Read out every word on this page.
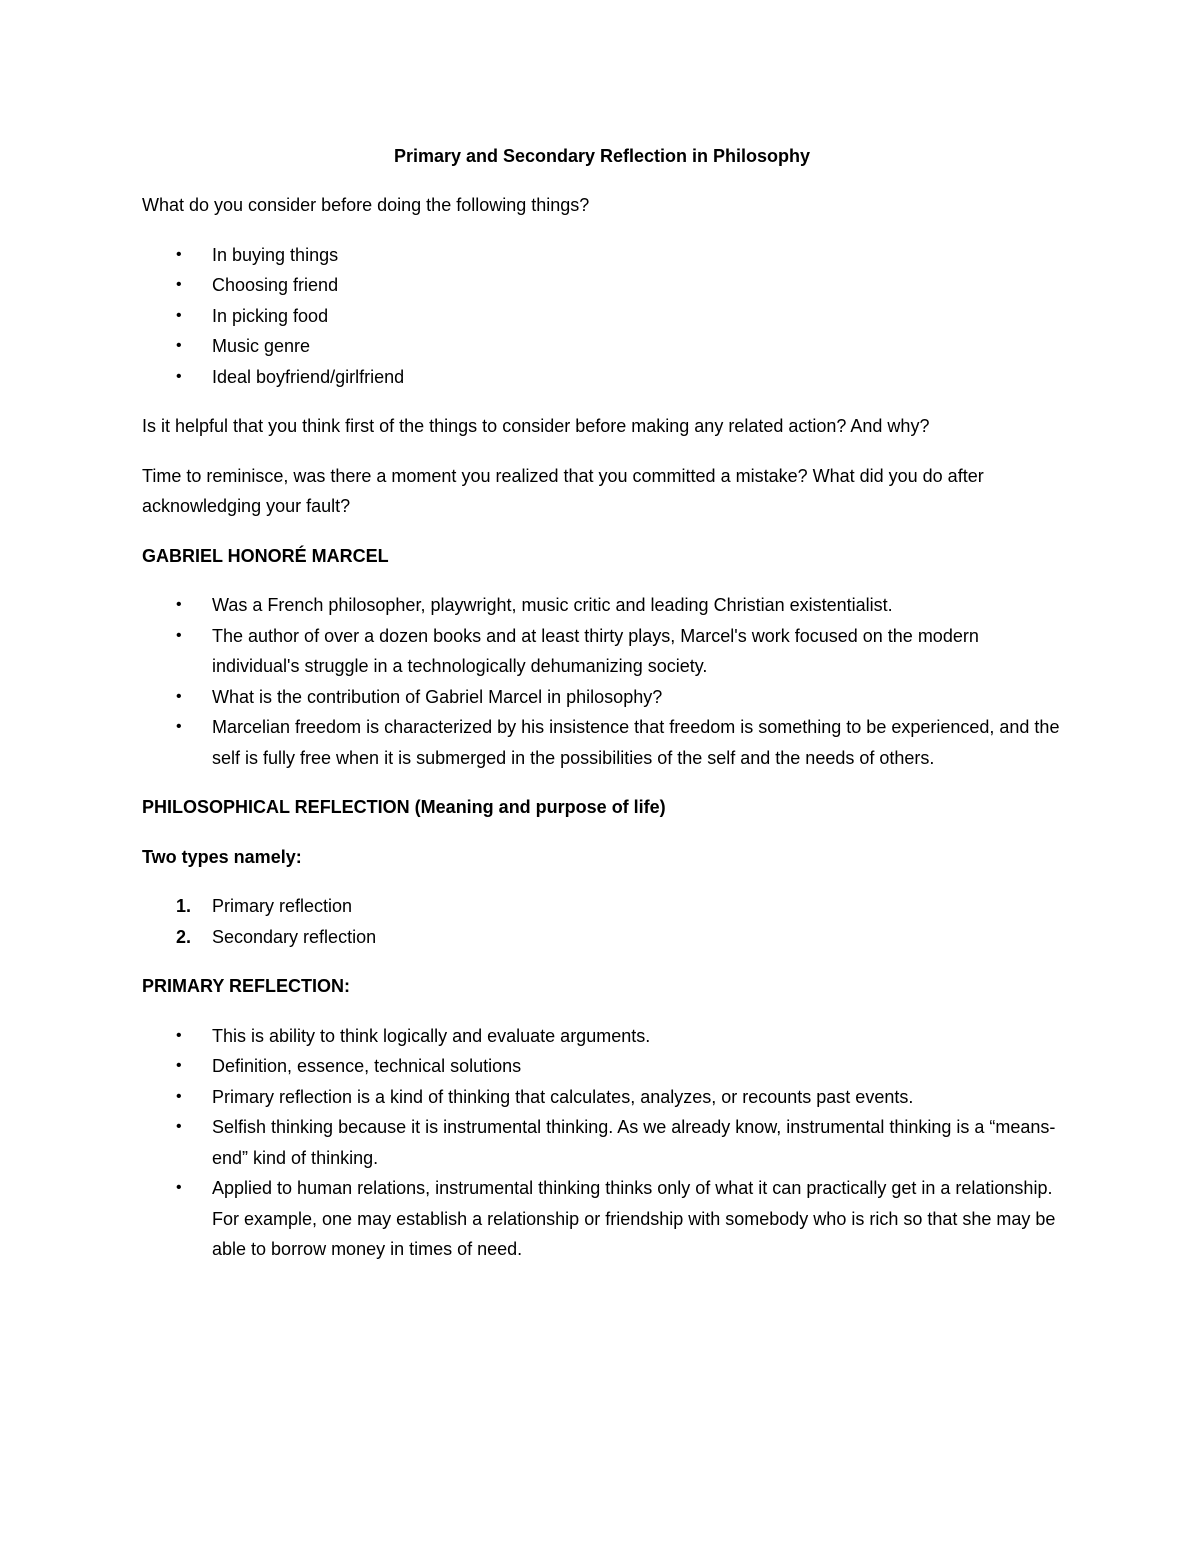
Primary and Secondary Reflection in Philosophy
What do you consider before doing the following things?
• In buying things
• Choosing friend
• In picking food
• Music genre
• Ideal boyfriend/girlfriend
Is it helpful that you think first of the things to consider before making any related action? And why?
Time to reminisce, was there a moment you realized that you committed a mistake? What did you do after acknowledging your fault?
GABRIEL HONORÉ MARCEL
• Was a French philosopher, playwright, music critic and leading Christian existentialist.
• The author of over a dozen books and at least thirty plays, Marcel's work focused on the modern individual's struggle in a technologically dehumanizing society.
• What is the contribution of Gabriel Marcel in philosophy?
• Marcelian freedom is characterized by his insistence that freedom is something to be experienced, and the self is fully free when it is submerged in the possibilities of the self and the needs of others.
PHILOSOPHICAL REFLECTION (Meaning and purpose of life)
Two types namely:
1. Primary reflection
2. Secondary reflection
PRIMARY REFLECTION:
• This is ability to think logically and evaluate arguments.
• Definition, essence, technical solutions
• Primary reflection is a kind of thinking that calculates, analyzes, or recounts past events.
• Selfish thinking because it is instrumental thinking. As we already know, instrumental thinking is a “means-end” kind of thinking.
• Applied to human relations, instrumental thinking thinks only of what it can practically get in a relationship. For example, one may establish a relationship or friendship with somebody who is rich so that she may be able to borrow money in times of need.
